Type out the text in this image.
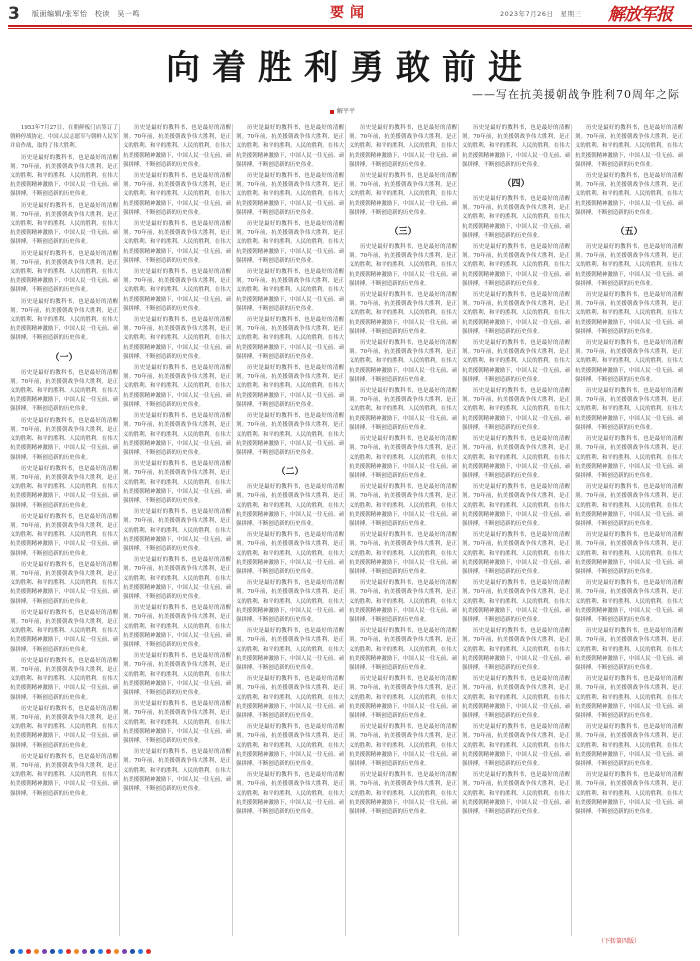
3 版面编辑/张军怡　校读　吴一鸣	要闻	2023年7月26日　星期三 解放军报
向着胜利勇敢前进
——写在抗美援朝战争胜利70周年之际
解平平

1953年7月27日，在朝鲜板门店签订了朝鲜停战协定。中国人民志愿军与朝鲜人民军并肩作战，取得了伟大胜利。

历史是最好的教科书，也是最好的清醒剂。70年前，抗美援朝战争伟大胜利，是正义的胜利、和平的胜利、人民的胜利。在伟大抗美援朝精神激励下，中国人民一往无前、顽强拼搏，不断创造新的历史伟业。

历史是最好的教科书，也是最好的清醒剂。70年前，抗美援朝战争伟大胜利，是正义的胜利、和平的胜利、人民的胜利。在伟大抗美援朝精神激励下，中国人民一往无前、顽强拼搏，不断创造新的历史伟业。

历史是最好的教科书，也是最好的清醒剂。70年前，抗美援朝战争伟大胜利，是正义的胜利、和平的胜利、人民的胜利。在伟大抗美援朝精神激励下，中国人民一往无前、顽强拼搏，不断创造新的历史伟业。

历史是最好的教科书，也是最好的清醒剂。70年前，抗美援朝战争伟大胜利，是正义的胜利、和平的胜利、人民的胜利。在伟大抗美援朝精神激励下，中国人民一往无前、顽强拼搏，不断创造新的历史伟业。

（一）

历史是最好的教科书，也是最好的清醒剂。70年前，抗美援朝战争伟大胜利，是正义的胜利、和平的胜利、人民的胜利。在伟大抗美援朝精神激励下，中国人民一往无前、顽强拼搏，不断创造新的历史伟业。

历史是最好的教科书，也是最好的清醒剂。70年前，抗美援朝战争伟大胜利，是正义的胜利、和平的胜利、人民的胜利。在伟大抗美援朝精神激励下，中国人民一往无前、顽强拼搏，不断创造新的历史伟业。

历史是最好的教科书，也是最好的清醒剂。70年前，抗美援朝战争伟大胜利，是正义的胜利、和平的胜利、人民的胜利。在伟大抗美援朝精神激励下，中国人民一往无前、顽强拼搏，不断创造新的历史伟业。

历史是最好的教科书，也是最好的清醒剂。70年前，抗美援朝战争伟大胜利，是正义的胜利、和平的胜利、人民的胜利。在伟大抗美援朝精神激励下，中国人民一往无前、顽强拼搏，不断创造新的历史伟业。

历史是最好的教科书，也是最好的清醒剂。70年前，抗美援朝战争伟大胜利，是正义的胜利、和平的胜利、人民的胜利。在伟大抗美援朝精神激励下，中国人民一往无前、顽强拼搏，不断创造新的历史伟业。

历史是最好的教科书，也是最好的清醒剂。70年前，抗美援朝战争伟大胜利，是正义的胜利、和平的胜利、人民的胜利。在伟大抗美援朝精神激励下，中国人民一往无前、顽强拼搏，不断创造新的历史伟业。

历史是最好的教科书，也是最好的清醒剂。70年前，抗美援朝战争伟大胜利，是正义的胜利、和平的胜利、人民的胜利。在伟大抗美援朝精神激励下，中国人民一往无前、顽强拼搏，不断创造新的历史伟业。

历史是最好的教科书，也是最好的清醒剂。70年前，抗美援朝战争伟大胜利，是正义的胜利、和平的胜利、人民的胜利。在伟大抗美援朝精神激励下，中国人民一往无前、顽强拼搏，不断创造新的历史伟业。

历史是最好的教科书，也是最好的清醒剂。70年前，抗美援朝战争伟大胜利，是正义的胜利、和平的胜利、人民的胜利。在伟大抗美援朝精神激励下，中国人民一往无前、顽强拼搏，不断创造新的历史伟业。

历史是最好的教科书，也是最好的清醒剂。70年前，抗美援朝战争伟大胜利，是正义的胜利、和平的胜利、人民的胜利。在伟大抗美援朝精神激励下，中国人民一往无前、顽强拼搏，不断创造新的历史伟业。

历史是最好的教科书，也是最好的清醒剂。70年前，抗美援朝战争伟大胜利，是正义的胜利、和平的胜利、人民的胜利。在伟大抗美援朝精神激励下，中国人民一往无前、顽强拼搏，不断创造新的历史伟业。

历史是最好的教科书，也是最好的清醒剂。70年前，抗美援朝战争伟大胜利，是正义的胜利、和平的胜利、人民的胜利。在伟大抗美援朝精神激励下，中国人民一往无前、顽强拼搏，不断创造新的历史伟业。

历史是最好的教科书，也是最好的清醒剂。70年前，抗美援朝战争伟大胜利，是正义的胜利、和平的胜利、人民的胜利。在伟大抗美援朝精神激励下，中国人民一往无前、顽强拼搏，不断创造新的历史伟业。

历史是最好的教科书，也是最好的清醒剂。70年前，抗美援朝战争伟大胜利，是正义的胜利、和平的胜利、人民的胜利。在伟大抗美援朝精神激励下，中国人民一往无前、顽强拼搏，不断创造新的历史伟业。

历史是最好的教科书，也是最好的清醒剂。70年前，抗美援朝战争伟大胜利，是正义的胜利、和平的胜利、人民的胜利。在伟大抗美援朝精神激励下，中国人民一往无前、顽强拼搏，不断创造新的历史伟业。

历史是最好的教科书，也是最好的清醒剂。70年前，抗美援朝战争伟大胜利，是正义的胜利、和平的胜利、人民的胜利。在伟大抗美援朝精神激励下，中国人民一往无前、顽强拼搏，不断创造新的历史伟业。

历史是最好的教科书，也是最好的清醒剂。70年前，抗美援朝战争伟大胜利，是正义的胜利、和平的胜利、人民的胜利。在伟大抗美援朝精神激励下，中国人民一往无前、顽强拼搏，不断创造新的历史伟业。

历史是最好的教科书，也是最好的清醒剂。70年前，抗美援朝战争伟大胜利，是正义的胜利、和平的胜利、人民的胜利。在伟大抗美援朝精神激励下，中国人民一往无前、顽强拼搏，不断创造新的历史伟业。

历史是最好的教科书，也是最好的清醒剂。70年前，抗美援朝战争伟大胜利，是正义的胜利、和平的胜利、人民的胜利。在伟大抗美援朝精神激励下，中国人民一往无前、顽强拼搏，不断创造新的历史伟业。

历史是最好的教科书，也是最好的清醒剂。70年前，抗美援朝战争伟大胜利，是正义的胜利、和平的胜利、人民的胜利。在伟大抗美援朝精神激励下，中国人民一往无前、顽强拼搏，不断创造新的历史伟业。

历史是最好的教科书，也是最好的清醒剂。70年前，抗美援朝战争伟大胜利，是正义的胜利、和平的胜利、人民的胜利。在伟大抗美援朝精神激励下，中国人民一往无前、顽强拼搏，不断创造新的历史伟业。

历史是最好的教科书，也是最好的清醒剂。70年前，抗美援朝战争伟大胜利，是正义的胜利、和平的胜利、人民的胜利。在伟大抗美援朝精神激励下，中国人民一往无前、顽强拼搏，不断创造新的历史伟业。

历史是最好的教科书，也是最好的清醒剂。70年前，抗美援朝战争伟大胜利，是正义的胜利、和平的胜利、人民的胜利。在伟大抗美援朝精神激励下，中国人民一往无前、顽强拼搏，不断创造新的历史伟业。

历史是最好的教科书，也是最好的清醒剂。70年前，抗美援朝战争伟大胜利，是正义的胜利、和平的胜利、人民的胜利。在伟大抗美援朝精神激励下，中国人民一往无前、顽强拼搏，不断创造新的历史伟业。

历史是最好的教科书，也是最好的清醒剂。70年前，抗美援朝战争伟大胜利，是正义的胜利、和平的胜利、人民的胜利。在伟大抗美援朝精神激励下，中国人民一往无前、顽强拼搏，不断创造新的历史伟业。

历史是最好的教科书，也是最好的清醒剂。70年前，抗美援朝战争伟大胜利，是正义的胜利、和平的胜利、人民的胜利。在伟大抗美援朝精神激励下，中国人民一往无前、顽强拼搏，不断创造新的历史伟业。

历史是最好的教科书，也是最好的清醒剂。70年前，抗美援朝战争伟大胜利，是正义的胜利、和平的胜利、人民的胜利。在伟大抗美援朝精神激励下，中国人民一往无前、顽强拼搏，不断创造新的历史伟业。

历史是最好的教科书，也是最好的清醒剂。70年前，抗美援朝战争伟大胜利，是正义的胜利、和平的胜利、人民的胜利。在伟大抗美援朝精神激励下，中国人民一往无前、顽强拼搏，不断创造新的历史伟业。

历史是最好的教科书，也是最好的清醒剂。70年前，抗美援朝战争伟大胜利，是正义的胜利、和平的胜利、人民的胜利。在伟大抗美援朝精神激励下，中国人民一往无前、顽强拼搏，不断创造新的历史伟业。

历史是最好的教科书，也是最好的清醒剂。70年前，抗美援朝战争伟大胜利，是正义的胜利、和平的胜利、人民的胜利。在伟大抗美援朝精神激励下，中国人民一往无前、顽强拼搏，不断创造新的历史伟业。

（二）

历史是最好的教科书，也是最好的清醒剂。70年前，抗美援朝战争伟大胜利，是正义的胜利、和平的胜利、人民的胜利。在伟大抗美援朝精神激励下，中国人民一往无前、顽强拼搏，不断创造新的历史伟业。

历史是最好的教科书，也是最好的清醒剂。70年前，抗美援朝战争伟大胜利，是正义的胜利、和平的胜利、人民的胜利。在伟大抗美援朝精神激励下，中国人民一往无前、顽强拼搏，不断创造新的历史伟业。

历史是最好的教科书，也是最好的清醒剂。70年前，抗美援朝战争伟大胜利，是正义的胜利、和平的胜利、人民的胜利。在伟大抗美援朝精神激励下，中国人民一往无前、顽强拼搏，不断创造新的历史伟业。

历史是最好的教科书，也是最好的清醒剂。70年前，抗美援朝战争伟大胜利，是正义的胜利、和平的胜利、人民的胜利。在伟大抗美援朝精神激励下，中国人民一往无前、顽强拼搏，不断创造新的历史伟业。

历史是最好的教科书，也是最好的清醒剂。70年前，抗美援朝战争伟大胜利，是正义的胜利、和平的胜利、人民的胜利。在伟大抗美援朝精神激励下，中国人民一往无前、顽强拼搏，不断创造新的历史伟业。

历史是最好的教科书，也是最好的清醒剂。70年前，抗美援朝战争伟大胜利，是正义的胜利、和平的胜利、人民的胜利。在伟大抗美援朝精神激励下，中国人民一往无前、顽强拼搏，不断创造新的历史伟业。

历史是最好的教科书，也是最好的清醒剂。70年前，抗美援朝战争伟大胜利，是正义的胜利、和平的胜利、人民的胜利。在伟大抗美援朝精神激励下，中国人民一往无前、顽强拼搏，不断创造新的历史伟业。

历史是最好的教科书，也是最好的清醒剂。70年前，抗美援朝战争伟大胜利，是正义的胜利、和平的胜利、人民的胜利。在伟大抗美援朝精神激励下，中国人民一往无前、顽强拼搏，不断创造新的历史伟业。

历史是最好的教科书，也是最好的清醒剂。70年前，抗美援朝战争伟大胜利，是正义的胜利、和平的胜利、人民的胜利。在伟大抗美援朝精神激励下，中国人民一往无前、顽强拼搏，不断创造新的历史伟业。

（三）

历史是最好的教科书，也是最好的清醒剂。70年前，抗美援朝战争伟大胜利，是正义的胜利、和平的胜利、人民的胜利。在伟大抗美援朝精神激励下，中国人民一往无前、顽强拼搏，不断创造新的历史伟业。

历史是最好的教科书，也是最好的清醒剂。70年前，抗美援朝战争伟大胜利，是正义的胜利、和平的胜利、人民的胜利。在伟大抗美援朝精神激励下，中国人民一往无前、顽强拼搏，不断创造新的历史伟业。

历史是最好的教科书，也是最好的清醒剂。70年前，抗美援朝战争伟大胜利，是正义的胜利、和平的胜利、人民的胜利。在伟大抗美援朝精神激励下，中国人民一往无前、顽强拼搏，不断创造新的历史伟业。

历史是最好的教科书，也是最好的清醒剂。70年前，抗美援朝战争伟大胜利，是正义的胜利、和平的胜利、人民的胜利。在伟大抗美援朝精神激励下，中国人民一往无前、顽强拼搏，不断创造新的历史伟业。

历史是最好的教科书，也是最好的清醒剂。70年前，抗美援朝战争伟大胜利，是正义的胜利、和平的胜利、人民的胜利。在伟大抗美援朝精神激励下，中国人民一往无前、顽强拼搏，不断创造新的历史伟业。

历史是最好的教科书，也是最好的清醒剂。70年前，抗美援朝战争伟大胜利，是正义的胜利、和平的胜利、人民的胜利。在伟大抗美援朝精神激励下，中国人民一往无前、顽强拼搏，不断创造新的历史伟业。

历史是最好的教科书，也是最好的清醒剂。70年前，抗美援朝战争伟大胜利，是正义的胜利、和平的胜利、人民的胜利。在伟大抗美援朝精神激励下，中国人民一往无前、顽强拼搏，不断创造新的历史伟业。

历史是最好的教科书，也是最好的清醒剂。70年前，抗美援朝战争伟大胜利，是正义的胜利、和平的胜利、人民的胜利。在伟大抗美援朝精神激励下，中国人民一往无前、顽强拼搏，不断创造新的历史伟业。

历史是最好的教科书，也是最好的清醒剂。70年前，抗美援朝战争伟大胜利，是正义的胜利、和平的胜利、人民的胜利。在伟大抗美援朝精神激励下，中国人民一往无前、顽强拼搏，不断创造新的历史伟业。

历史是最好的教科书，也是最好的清醒剂。70年前，抗美援朝战争伟大胜利，是正义的胜利、和平的胜利、人民的胜利。在伟大抗美援朝精神激励下，中国人民一往无前、顽强拼搏，不断创造新的历史伟业。

历史是最好的教科书，也是最好的清醒剂。70年前，抗美援朝战争伟大胜利，是正义的胜利、和平的胜利、人民的胜利。在伟大抗美援朝精神激励下，中国人民一往无前、顽强拼搏，不断创造新的历史伟业。

历史是最好的教科书，也是最好的清醒剂。70年前，抗美援朝战争伟大胜利，是正义的胜利、和平的胜利、人民的胜利。在伟大抗美援朝精神激励下，中国人民一往无前、顽强拼搏，不断创造新的历史伟业。

历史是最好的教科书，也是最好的清醒剂。70年前，抗美援朝战争伟大胜利，是正义的胜利、和平的胜利、人民的胜利。在伟大抗美援朝精神激励下，中国人民一往无前、顽强拼搏，不断创造新的历史伟业。

（四）

历史是最好的教科书，也是最好的清醒剂。70年前，抗美援朝战争伟大胜利，是正义的胜利、和平的胜利、人民的胜利。在伟大抗美援朝精神激励下，中国人民一往无前、顽强拼搏，不断创造新的历史伟业。

历史是最好的教科书，也是最好的清醒剂。70年前，抗美援朝战争伟大胜利，是正义的胜利、和平的胜利、人民的胜利。在伟大抗美援朝精神激励下，中国人民一往无前、顽强拼搏，不断创造新的历史伟业。

历史是最好的教科书，也是最好的清醒剂。70年前，抗美援朝战争伟大胜利，是正义的胜利、和平的胜利、人民的胜利。在伟大抗美援朝精神激励下，中国人民一往无前、顽强拼搏，不断创造新的历史伟业。

历史是最好的教科书，也是最好的清醒剂。70年前，抗美援朝战争伟大胜利，是正义的胜利、和平的胜利、人民的胜利。在伟大抗美援朝精神激励下，中国人民一往无前、顽强拼搏，不断创造新的历史伟业。

历史是最好的教科书，也是最好的清醒剂。70年前，抗美援朝战争伟大胜利，是正义的胜利、和平的胜利、人民的胜利。在伟大抗美援朝精神激励下，中国人民一往无前、顽强拼搏，不断创造新的历史伟业。

历史是最好的教科书，也是最好的清醒剂。70年前，抗美援朝战争伟大胜利，是正义的胜利、和平的胜利、人民的胜利。在伟大抗美援朝精神激励下，中国人民一往无前、顽强拼搏，不断创造新的历史伟业。

历史是最好的教科书，也是最好的清醒剂。70年前，抗美援朝战争伟大胜利，是正义的胜利、和平的胜利、人民的胜利。在伟大抗美援朝精神激励下，中国人民一往无前、顽强拼搏，不断创造新的历史伟业。

历史是最好的教科书，也是最好的清醒剂。70年前，抗美援朝战争伟大胜利，是正义的胜利、和平的胜利、人民的胜利。在伟大抗美援朝精神激励下，中国人民一往无前、顽强拼搏，不断创造新的历史伟业。

历史是最好的教科书，也是最好的清醒剂。70年前，抗美援朝战争伟大胜利，是正义的胜利、和平的胜利、人民的胜利。在伟大抗美援朝精神激励下，中国人民一往无前、顽强拼搏，不断创造新的历史伟业。

历史是最好的教科书，也是最好的清醒剂。70年前，抗美援朝战争伟大胜利，是正义的胜利、和平的胜利、人民的胜利。在伟大抗美援朝精神激励下，中国人民一往无前、顽强拼搏，不断创造新的历史伟业。

历史是最好的教科书，也是最好的清醒剂。70年前，抗美援朝战争伟大胜利，是正义的胜利、和平的胜利、人民的胜利。在伟大抗美援朝精神激励下，中国人民一往无前、顽强拼搏，不断创造新的历史伟业。

历史是最好的教科书，也是最好的清醒剂。70年前，抗美援朝战争伟大胜利，是正义的胜利、和平的胜利、人民的胜利。在伟大抗美援朝精神激励下，中国人民一往无前、顽强拼搏，不断创造新的历史伟业。

历史是最好的教科书，也是最好的清醒剂。70年前，抗美援朝战争伟大胜利，是正义的胜利、和平的胜利、人民的胜利。在伟大抗美援朝精神激励下，中国人民一往无前、顽强拼搏，不断创造新的历史伟业。

历史是最好的教科书，也是最好的清醒剂。70年前，抗美援朝战争伟大胜利，是正义的胜利、和平的胜利、人民的胜利。在伟大抗美援朝精神激励下，中国人民一往无前、顽强拼搏，不断创造新的历史伟业。

历史是最好的教科书，也是最好的清醒剂。70年前，抗美援朝战争伟大胜利，是正义的胜利、和平的胜利、人民的胜利。在伟大抗美援朝精神激励下，中国人民一往无前、顽强拼搏，不断创造新的历史伟业。

（五）

历史是最好的教科书，也是最好的清醒剂。70年前，抗美援朝战争伟大胜利，是正义的胜利、和平的胜利、人民的胜利。在伟大抗美援朝精神激励下，中国人民一往无前、顽强拼搏，不断创造新的历史伟业。

历史是最好的教科书，也是最好的清醒剂。70年前，抗美援朝战争伟大胜利，是正义的胜利、和平的胜利、人民的胜利。在伟大抗美援朝精神激励下，中国人民一往无前、顽强拼搏，不断创造新的历史伟业。

历史是最好的教科书，也是最好的清醒剂。70年前，抗美援朝战争伟大胜利，是正义的胜利、和平的胜利、人民的胜利。在伟大抗美援朝精神激励下，中国人民一往无前、顽强拼搏，不断创造新的历史伟业。

历史是最好的教科书，也是最好的清醒剂。70年前，抗美援朝战争伟大胜利，是正义的胜利、和平的胜利、人民的胜利。在伟大抗美援朝精神激励下，中国人民一往无前、顽强拼搏，不断创造新的历史伟业。

历史是最好的教科书，也是最好的清醒剂。70年前，抗美援朝战争伟大胜利，是正义的胜利、和平的胜利、人民的胜利。在伟大抗美援朝精神激励下，中国人民一往无前、顽强拼搏，不断创造新的历史伟业。

历史是最好的教科书，也是最好的清醒剂。70年前，抗美援朝战争伟大胜利，是正义的胜利、和平的胜利、人民的胜利。在伟大抗美援朝精神激励下，中国人民一往无前、顽强拼搏，不断创造新的历史伟业。

历史是最好的教科书，也是最好的清醒剂。70年前，抗美援朝战争伟大胜利，是正义的胜利、和平的胜利、人民的胜利。在伟大抗美援朝精神激励下，中国人民一往无前、顽强拼搏，不断创造新的历史伟业。

历史是最好的教科书，也是最好的清醒剂。70年前，抗美援朝战争伟大胜利，是正义的胜利、和平的胜利、人民的胜利。在伟大抗美援朝精神激励下，中国人民一往无前、顽强拼搏，不断创造新的历史伟业。

历史是最好的教科书，也是最好的清醒剂。70年前，抗美援朝战争伟大胜利，是正义的胜利、和平的胜利、人民的胜利。在伟大抗美援朝精神激励下，中国人民一往无前、顽强拼搏，不断创造新的历史伟业。

历史是最好的教科书，也是最好的清醒剂。70年前，抗美援朝战争伟大胜利，是正义的胜利、和平的胜利、人民的胜利。在伟大抗美援朝精神激励下，中国人民一往无前、顽强拼搏，不断创造新的历史伟业。

历史是最好的教科书，也是最好的清醒剂。70年前，抗美援朝战争伟大胜利，是正义的胜利、和平的胜利、人民的胜利。在伟大抗美援朝精神激励下，中国人民一往无前、顽强拼搏，不断创造新的历史伟业。

历史是最好的教科书，也是最好的清醒剂。70年前，抗美援朝战争伟大胜利，是正义的胜利、和平的胜利、人民的胜利。在伟大抗美援朝精神激励下，中国人民一往无前、顽强拼搏，不断创造新的历史伟业。

（下转第四版）
